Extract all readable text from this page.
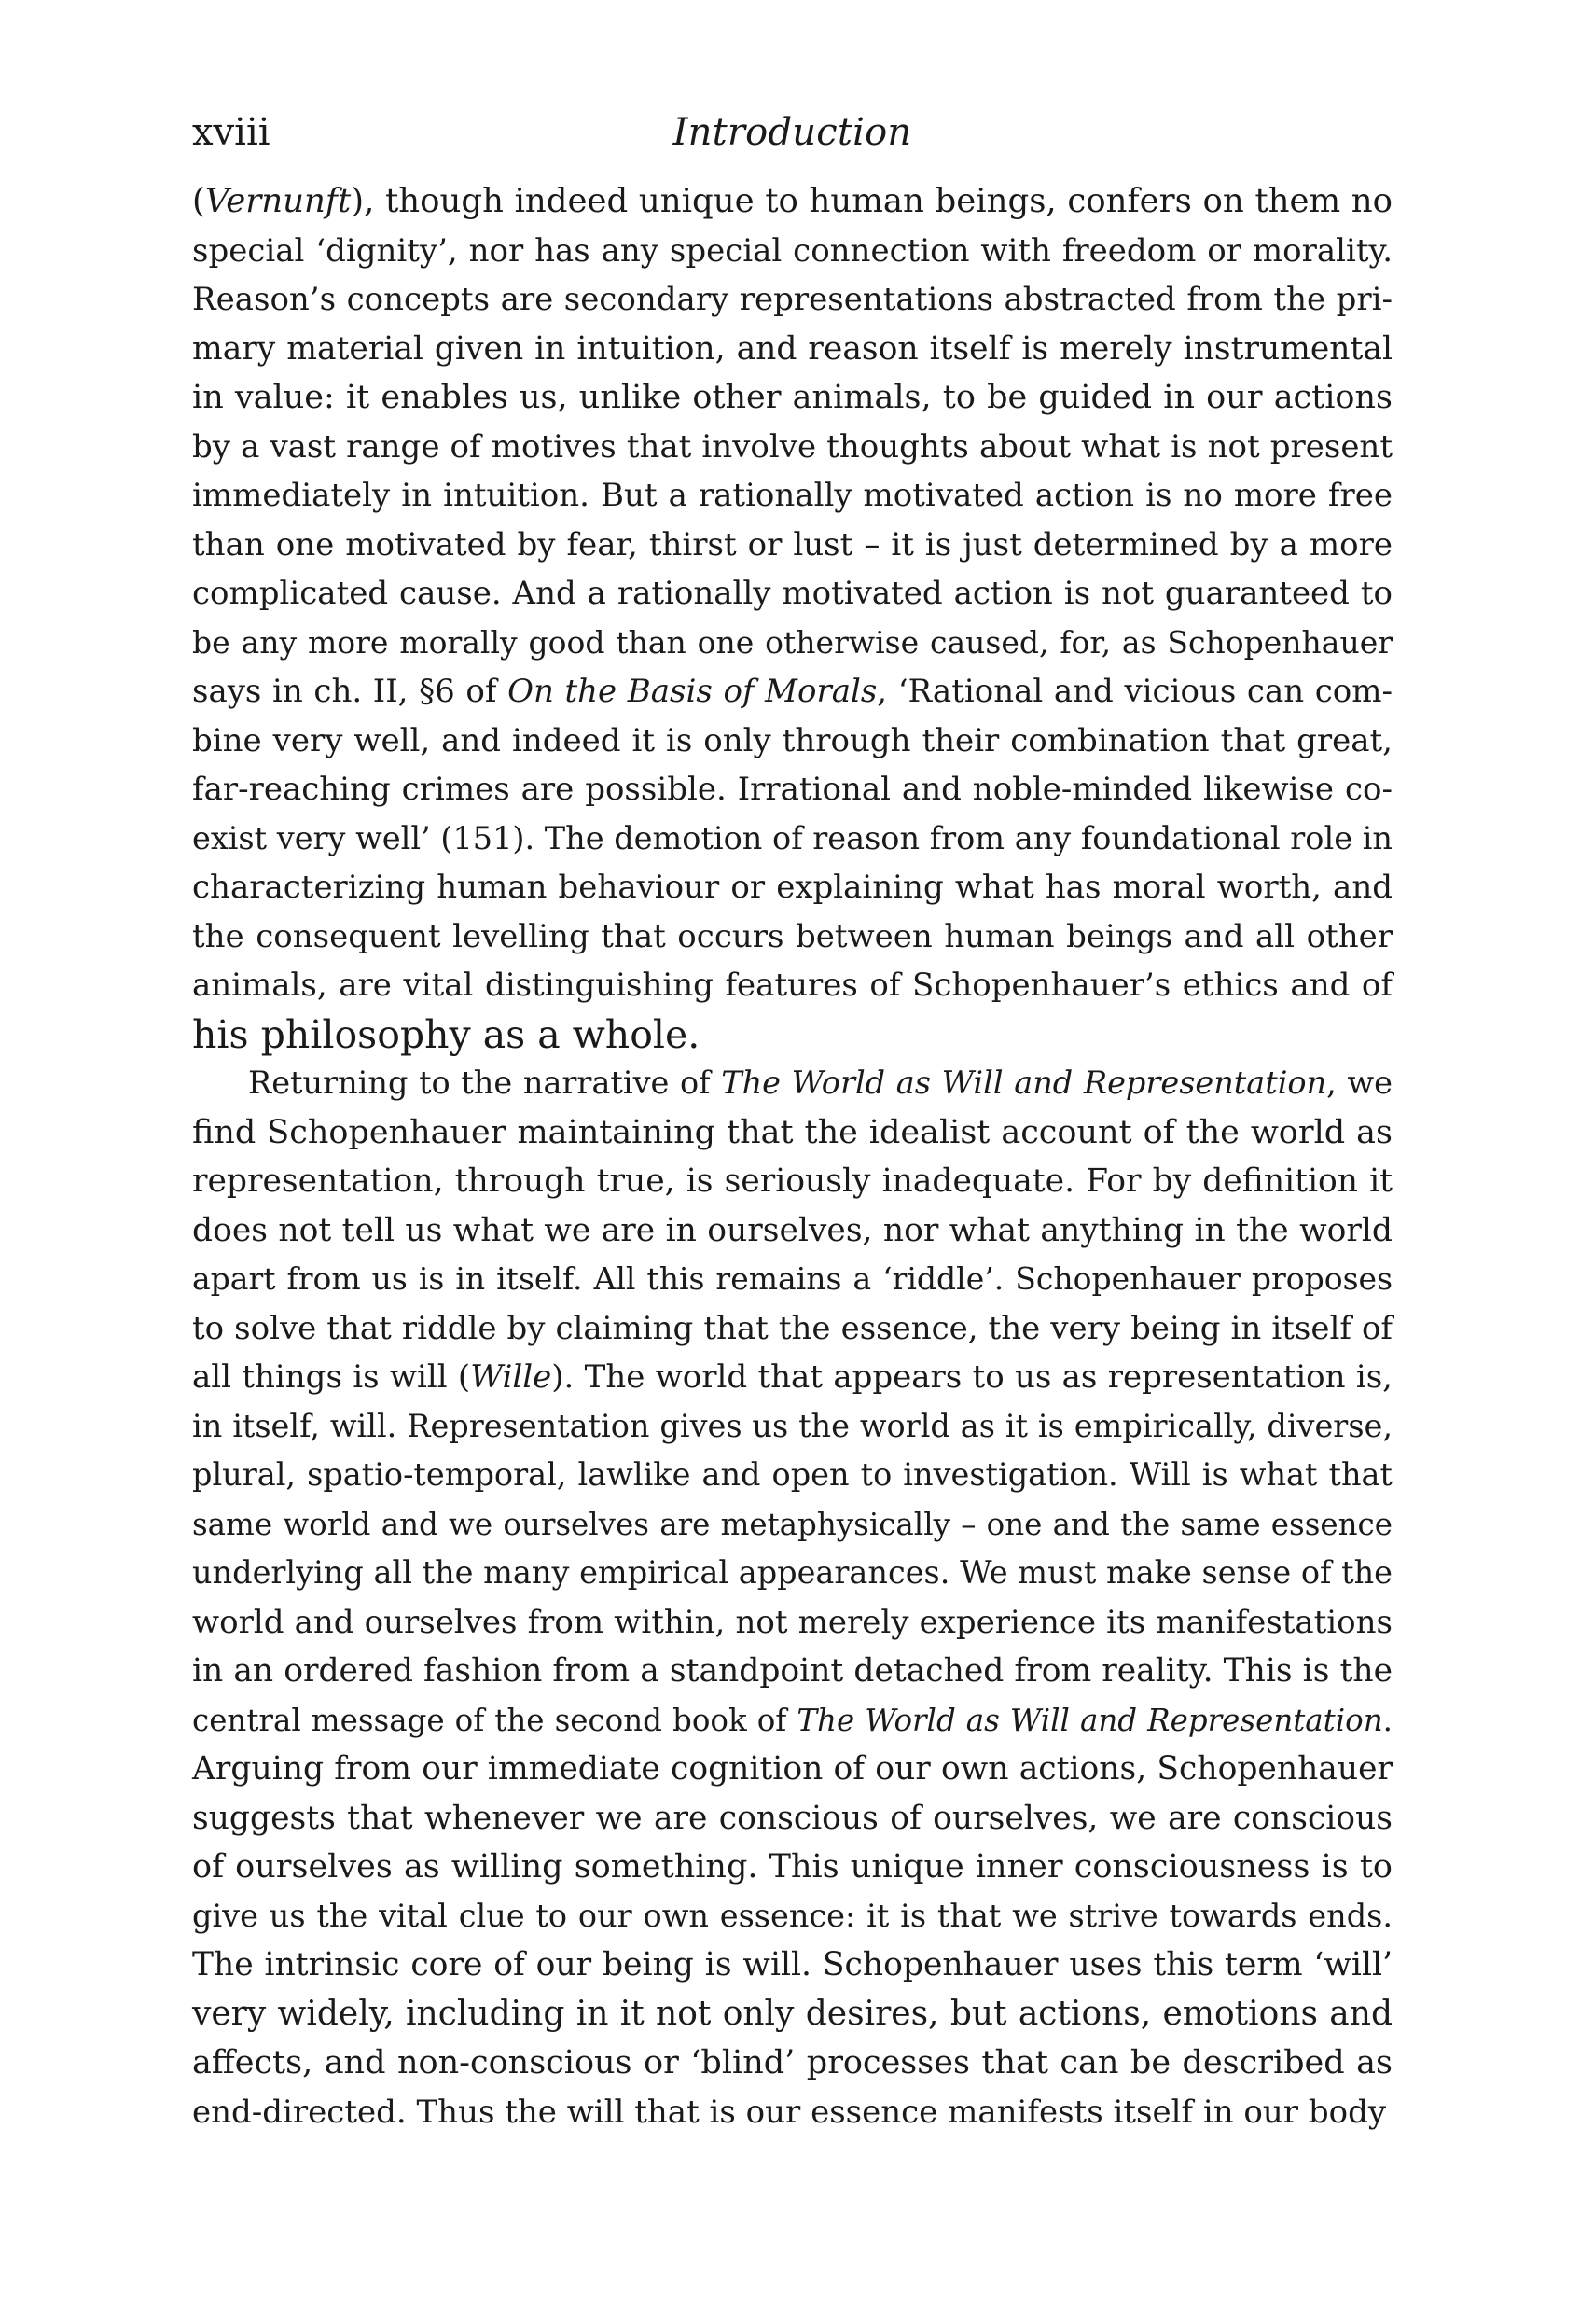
xviii	Introduction
(Vernunft), though indeed unique to human beings, confers on them no
special ‘dignity’, nor has any special connection with freedom or morality.
Reason’s concepts are secondary representations abstracted from the pri-
mary material given in intuition, and reason itself is merely instrumental
in value: it enables us, unlike other animals, to be guided in our actions
by a vast range of motives that involve thoughts about what is not present
immediately in intuition. But a rationally motivated action is no more free
than one motivated by fear, thirst or lust – it is just determined by a more
complicated cause. And a rationally motivated action is not guaranteed to
be any more morally good than one otherwise caused, for, as Schopenhauer
says in ch. II, §6 of On the Basis of Morals, ‘Rational and vicious can com-
bine very well, and indeed it is only through their combination that great,
far-reaching crimes are possible. Irrational and noble-minded likewise co-
exist very well’ (151). The demotion of reason from any foundational role in
characterizing human behaviour or explaining what has moral worth, and
the consequent levelling that occurs between human beings and all other
animals, are vital distinguishing features of Schopenhauer’s ethics and of
his philosophy as a whole.
Returning to the narrative of The World as Will and Representation, we
find Schopenhauer maintaining that the idealist account of the world as
representation, through true, is seriously inadequate. For by definition it
does not tell us what we are in ourselves, nor what anything in the world
apart from us is in itself. All this remains a ‘riddle’. Schopenhauer proposes
to solve that riddle by claiming that the essence, the very being in itself of
all things is will (Wille). The world that appears to us as representation is,
in itself, will. Representation gives us the world as it is empirically, diverse,
plural, spatio-temporal, lawlike and open to investigation. Will is what that
same world and we ourselves are metaphysically – one and the same essence
underlying all the many empirical appearances. We must make sense of the
world and ourselves from within, not merely experience its manifestations
in an ordered fashion from a standpoint detached from reality. This is the
central message of the second book of The World as Will and Representation.
Arguing from our immediate cognition of our own actions, Schopenhauer
suggests that whenever we are conscious of ourselves, we are conscious
of ourselves as willing something. This unique inner consciousness is to
give us the vital clue to our own essence: it is that we strive towards ends.
The intrinsic core of our being is will. Schopenhauer uses this term ‘will’
very widely, including in it not only desires, but actions, emotions and
affects, and non-conscious or ‘blind’ processes that can be described as
end-directed. Thus the will that is our essence manifests itself in our body
